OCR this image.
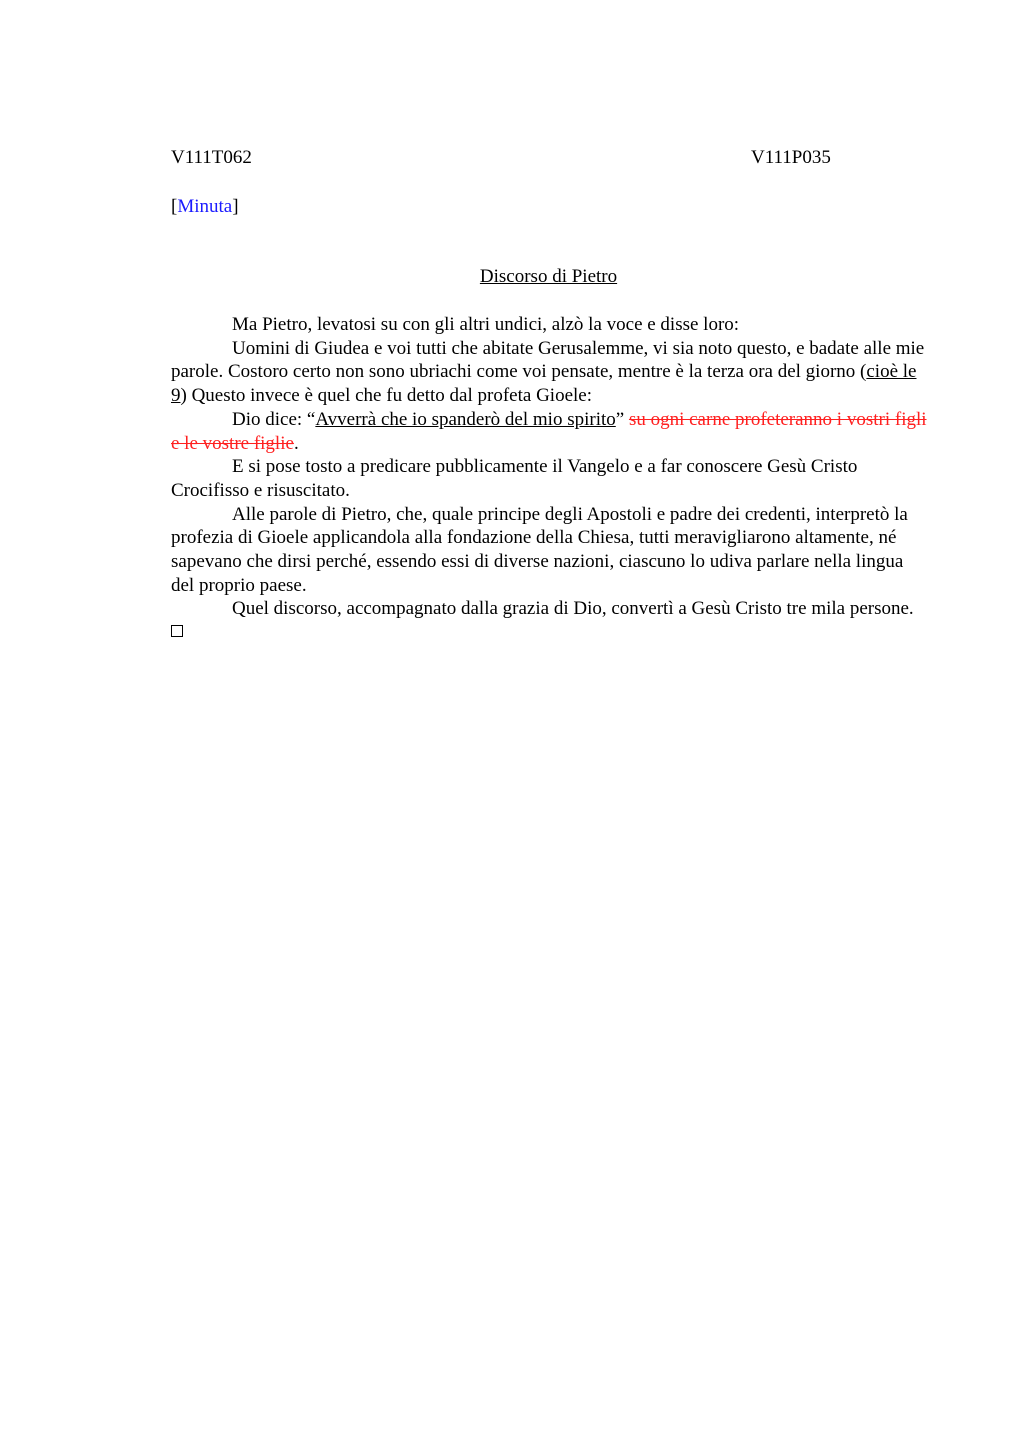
V111T062	V111P035
[Minuta]
Discorso di Pietro

Ma Pietro, levatosi su con gli altri undici, alzò la voce e disse loro:

Uomini di Giudea e voi tutti che abitate Gerusalemme, vi sia noto questo, e badate alle mie parole. Costoro certo non sono ubriachi come voi pensate, mentre è la terza ora del giorno (cioè le 9) Questo invece è quel che fu detto dal profeta Gioele:

Dio dice: “Avverrà che io spanderò del mio spirito” su ogni carne profeteranno i vostri figli e le vostre figlie.

E si pose tosto a predicare pubblicamente il Vangelo e a far conoscere Gesù Cristo Crocifisso e risuscitato.

Alle parole di Pietro, che, quale principe degli Apostoli e padre dei credenti, interpretò la profezia di Gioele applicandola alla fondazione della Chiesa, tutti meravigliarono altamente, né sapevano che dirsi perché, essendo essi di diverse nazioni, ciascuno lo udiva parlare nella lingua del proprio paese.

Quel discorso, accompagnato dalla grazia di Dio, convertì a Gesù Cristo tre mila persone.
